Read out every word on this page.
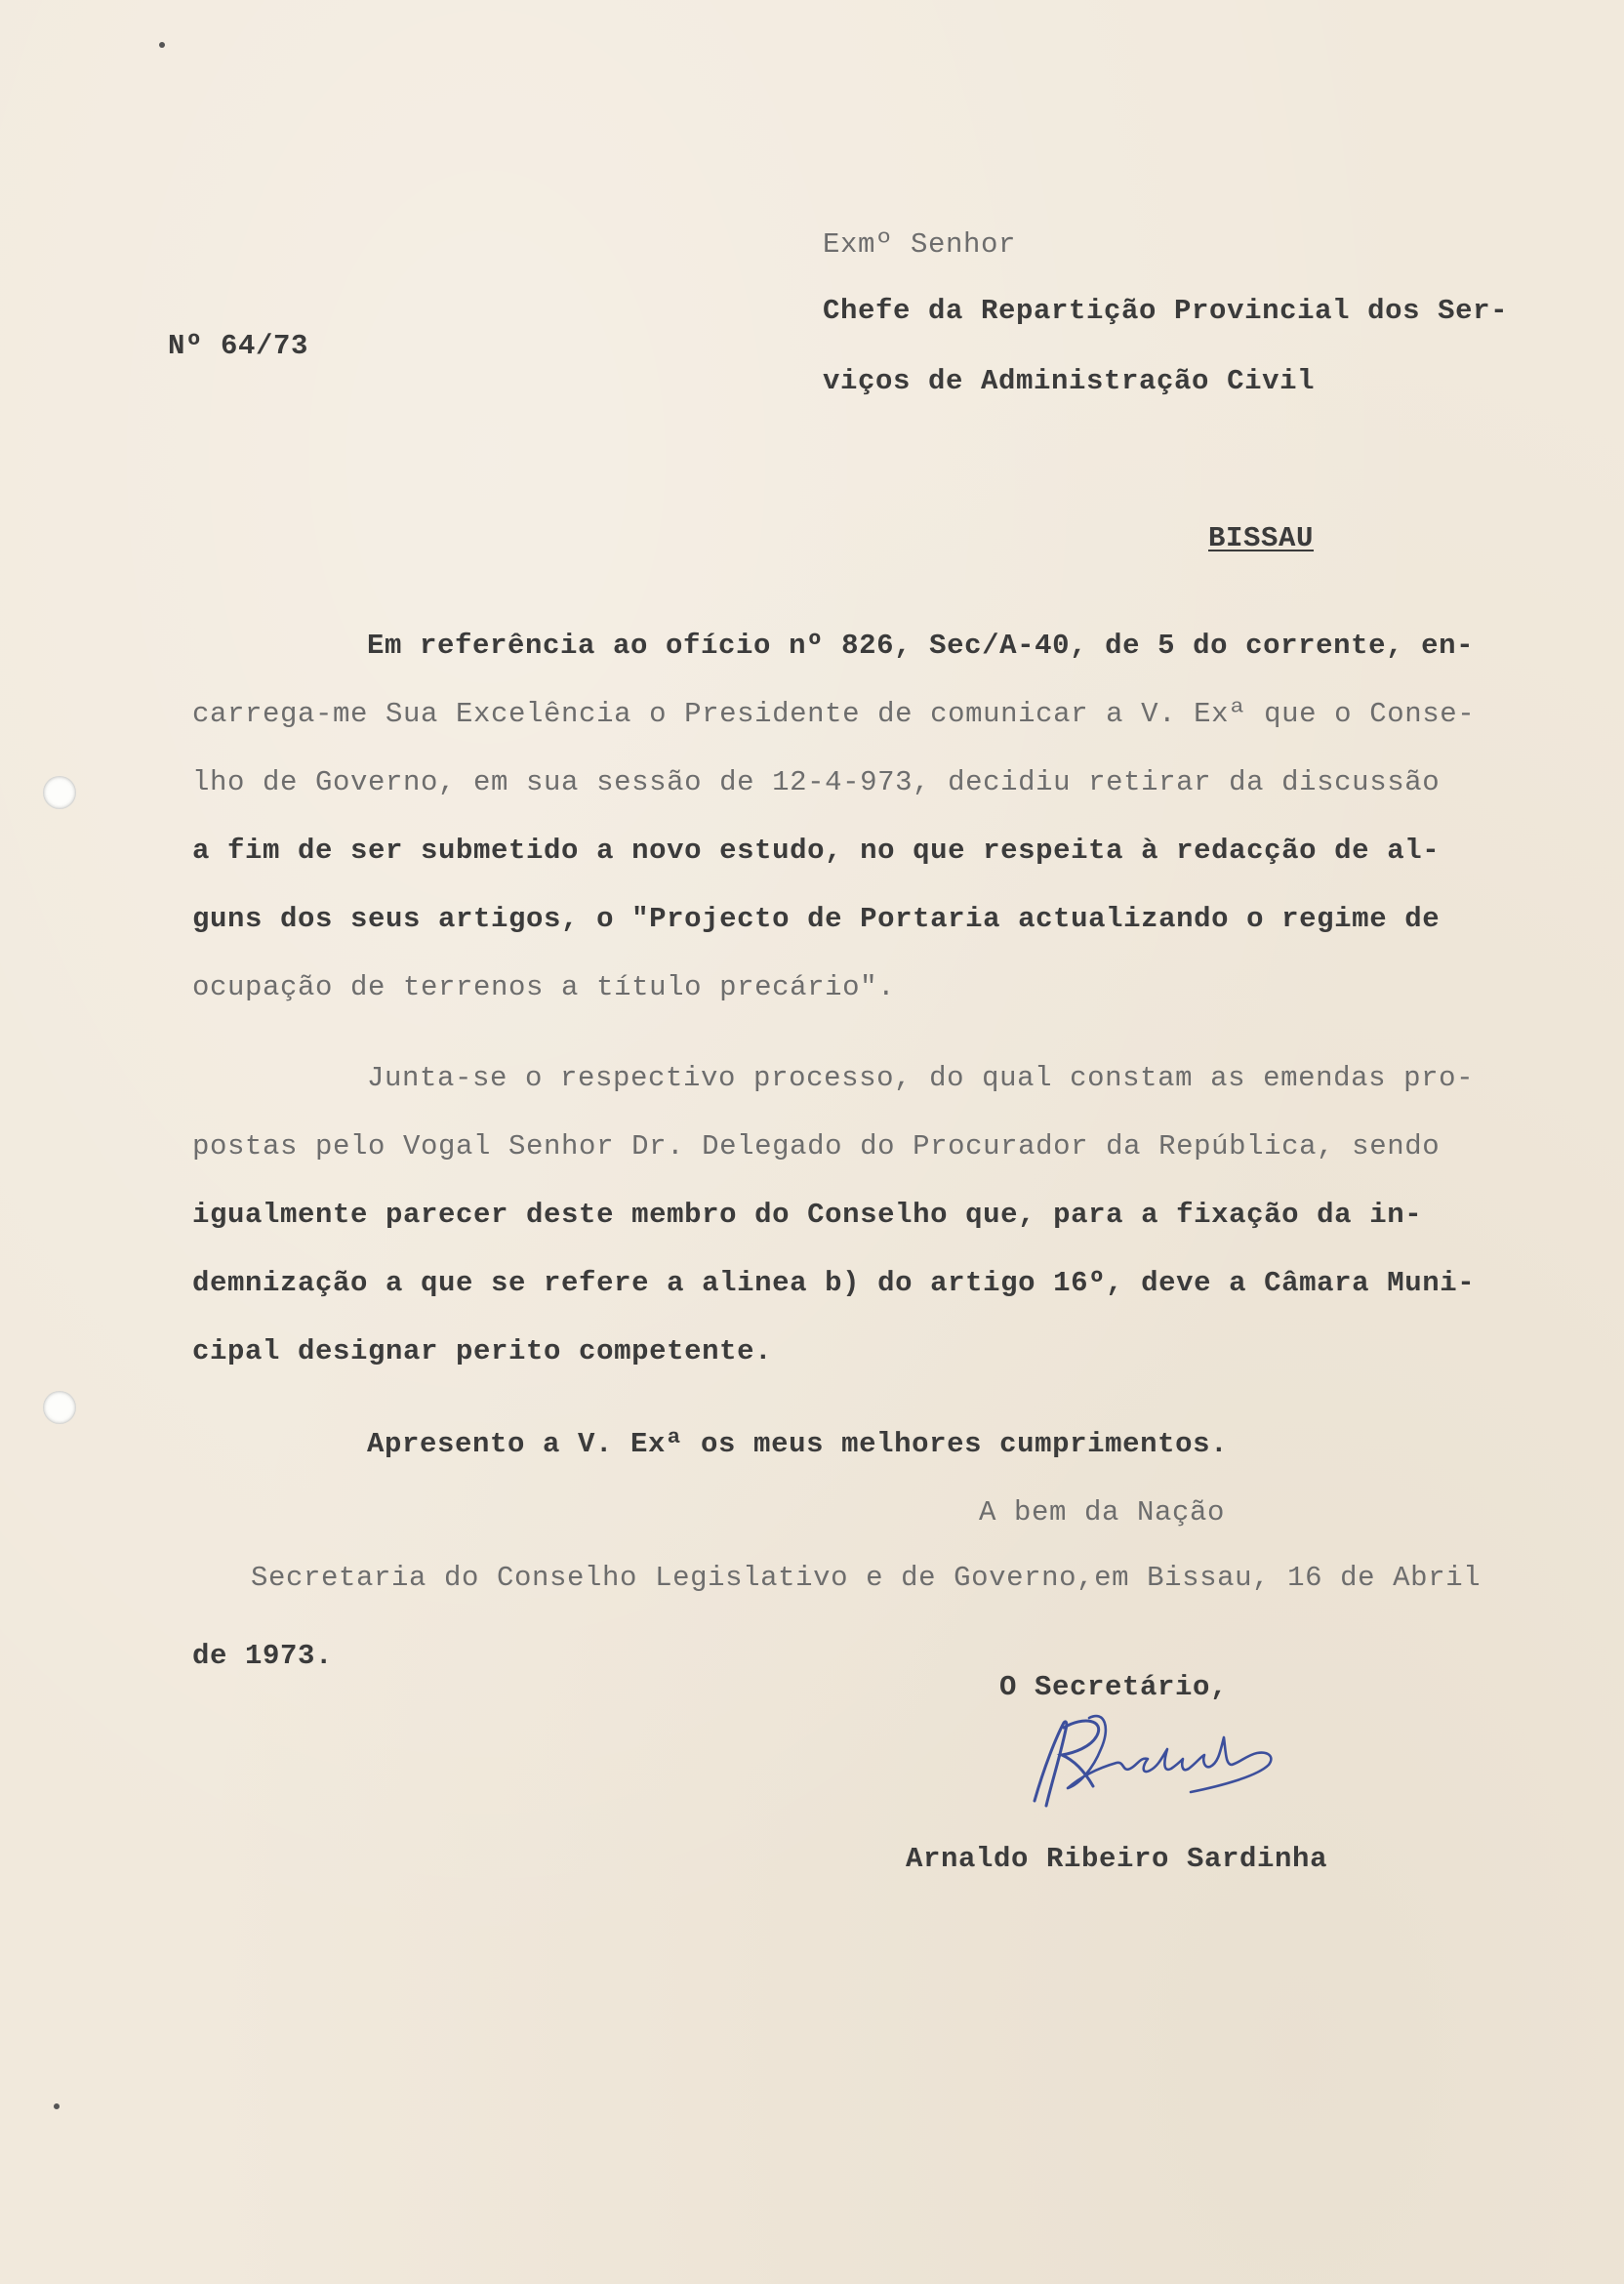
Nº 64/73
Exmº Senhor
Chefe da Repartição Provincial dos Ser-
viços de Administração Civil
BISSAU
Em referência ao ofício nº 826, Sec/A-40, de 5 do corrente, en-
carrega-me Sua Excelência o Presidente de comunicar a V. Exª que o Conse-
lho de Governo, em sua sessão de 12-4-973, decidiu retirar da discussão
a fim de ser submetido a novo estudo, no que respeita à redacção de al-
guns dos seus artigos, o "Projecto de Portaria actualizando o regime de
ocupação de terrenos a título precário".
Junta-se o respectivo processo, do qual constam as emendas pro-
postas pelo Vogal Senhor Dr. Delegado do Procurador da República, sendo
igualmente parecer deste membro do Conselho que, para a fixação da in-
demnização a que se refere a alinea b) do artigo 16º, deve a Câmara Muni-
cipal designar perito competente.
Apresento a V. Exª os meus melhores cumprimentos.
A bem da Nação
Secretaria do Conselho Legislativo e de Governo,em Bissau, 16 de Abril
de 1973.
O Secretário,
Arnaldo Ribeiro Sardinha
